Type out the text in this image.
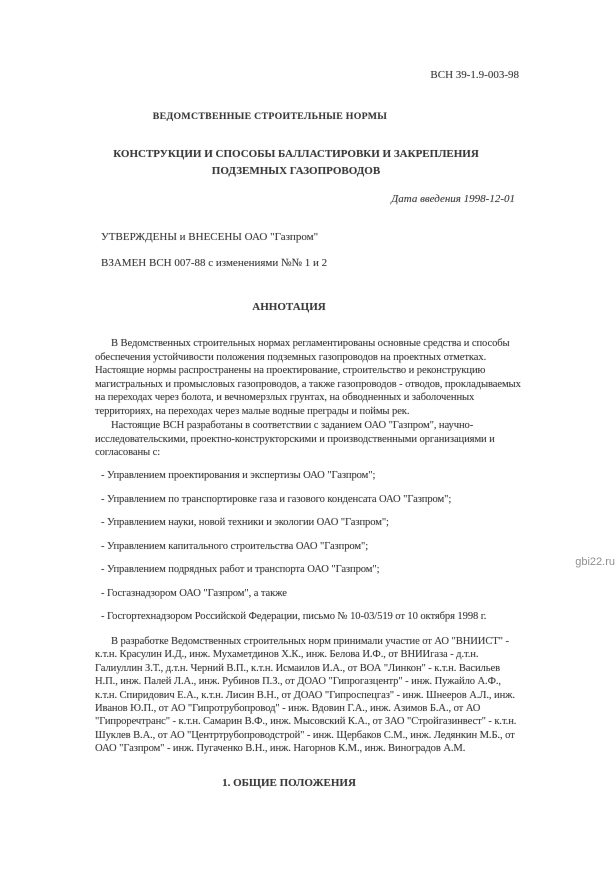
ВСН 39-1.9-003-98
ВЕДОМСТВЕННЫЕ СТРОИТЕЛЬНЫЕ НОРМЫ
КОНСТРУКЦИИ И СПОСОБЫ БАЛЛАСТИРОВКИ И ЗАКРЕПЛЕНИЯ
ПОДЗЕМНЫХ ГАЗОПРОВОДОВ
Дата введения 1998-12-01
УТВЕРЖДЕНЫ и ВНЕСЕНЫ ОАО "Газпром"
ВЗАМЕН ВСН 007-88 с изменениями №№ 1 и 2
АННОТАЦИЯ
В Ведомственных строительных нормах регламентированы основные средства и способы
обеспечения устойчивости положения подземных газопроводов на проектных отметках.
Настоящие нормы распространены на проектирование, строительство и реконструкцию
магистральных и промысловых газопроводов, а также газопроводов - отводов, прокладываемых
на переходах через болота, и вечномерзлых грунтах, на обводненных и заболоченных
территориях, на переходах через малые водные преграды и поймы рек.
Настоящие ВСН разработаны в соответствии с заданием ОАО "Газпром", научно-
исследовательскими, проектно-конструкторскими и производственными организациями и
согласованы с:
- Управлением проектирования и экспертизы ОАО "Газпром";
- Управлением по транспортировке газа и газового конденсата ОАО "Газпром";
- Управлением науки, новой техники и экологии ОАО "Газпром";
- Управлением капитального строительства ОАО "Газпром";
- Управлением подрядных работ и транспорта ОАО "Газпром";
- Госгазнадзором ОАО "Газпром", а также
- Госгортехнадзором Российской Федерации, письмо № 10-03/519 от 10 октября 1998 г.
В разработке Ведомственных строительных норм принимали участие от АО "ВНИИСТ" -
к.т.н. Красулин И.Д., инж. Мухаметдинов Х.К., инж. Белова И.Ф., от ВНИИгаза - д.т.н.
Галиуллин З.Т., д.т.н. Черний В.П., к.т.н. Исмаилов И.А., от ВОА "Линкон" - к.т.н. Васильев
Н.П., инж. Палей Л.А., инж. Рубинов П.З., от ДОАО "Гипрогазцентр" - инж. Пужайло А.Ф.,
к.т.н. Спиридович Е.А., к.т.н. Лисин В.Н., от ДОАО "Гипроспецгаз" - инж. Шнееров А.Л., инж.
Иванов Ю.П., от АО "Гипротрубопровод" - инж. Вдовин Г.А., инж. Азимов Б.А., от АО
"Гипроречтранс" - к.т.н. Самарин В.Ф., инж. Мысовский К.А., от ЗАО "Стройгазинвест" - к.т.н.
Шуклев В.А., от АО "Центртрубопроводстрой" - инж. Щербаков С.М., инж. Ледянкин М.Б., от
ОАО "Газпром" - инж. Пугаченко В.Н., инж. Нагорнов К.М., инж. Виноградов А.М.
1. ОБЩИЕ ПОЛОЖЕНИЯ
gbi22.ru
